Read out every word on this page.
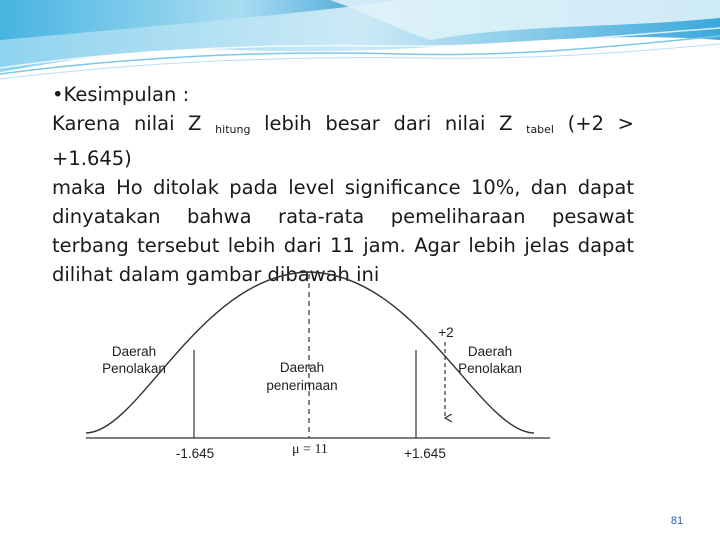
•Kesimpulan :

Karena nilai Z $_{hitung}$ lebih besar dari nilai Z $_{tabel}$ (+2 > +1.645)

maka Ho ditolak pada level significance 10%, dan dapat dinyatakan bahwa rata-rata pemeliharaan pesawat terbang tersebut lebih dari 11 jam. Agar lebih jelas dapat dilihat dalam gambar dibawah ini

Daerah
Penolakan	Daerah
penerimaan
Daerah
Penolakan
+2
-1.645	μ = 11	+1.645
81
